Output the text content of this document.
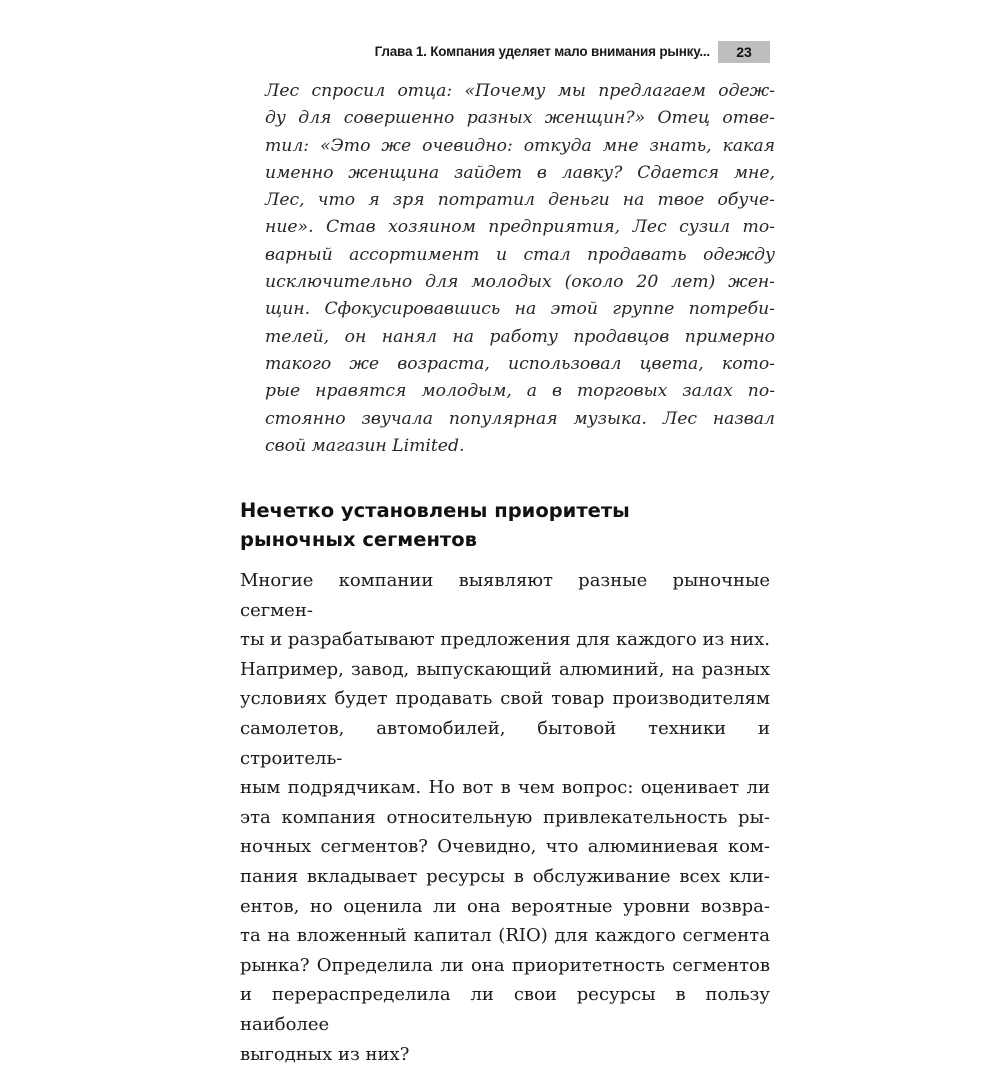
Глава 1. Компания уделяет мало внимания рынку...	23
Лес спросил отца: «Почему мы предлагаем одеж-
ду для совершенно разных женщин?» Отец отве-
тил: «Это же очевидно: откуда мне знать, какая
именно женщина зайдет в лавку? Сдается мне,
Лес, что я зря потратил деньги на твое обуче-
ние». Став хозяином предприятия, Лес сузил то-
варный ассортимент и стал продавать одежду
исключительно для молодых (около 20 лет) жен-
щин. Сфокусировавшись на этой группе потреби-
телей, он нанял на работу продавцов примерно
такого же возраста, использовал цвета, кото-
рые нравятся молодым, а в торговых залах по-
стоянно звучала популярная музыка. Лес назвал
свой магазин Limited.
Нечетко установлены приоритеты
рыночных сегментов
Многие компании выявляют разные рыночные сегмен-
ты и разрабатывают предложения для каждого из них.
Например, завод, выпускающий алюминий, на разных
условиях будет продавать свой товар производителям
самолетов, автомобилей, бытовой техники и строитель-
ным подрядчикам. Но вот в чем вопрос: оценивает ли
эта компания относительную привлекательность ры-
ночных сегментов? Очевидно, что алюминиевая ком-
пания вкладывает ресурсы в обслуживание всех кли-
ентов, но оценила ли она вероятные уровни возвра-
та на вложенный капитал (RIO) для каждого сегмента
рынка? Определила ли она приоритетность сегментов
и перераспределила ли свои ресурсы в пользу наиболее
выгодных из них?
